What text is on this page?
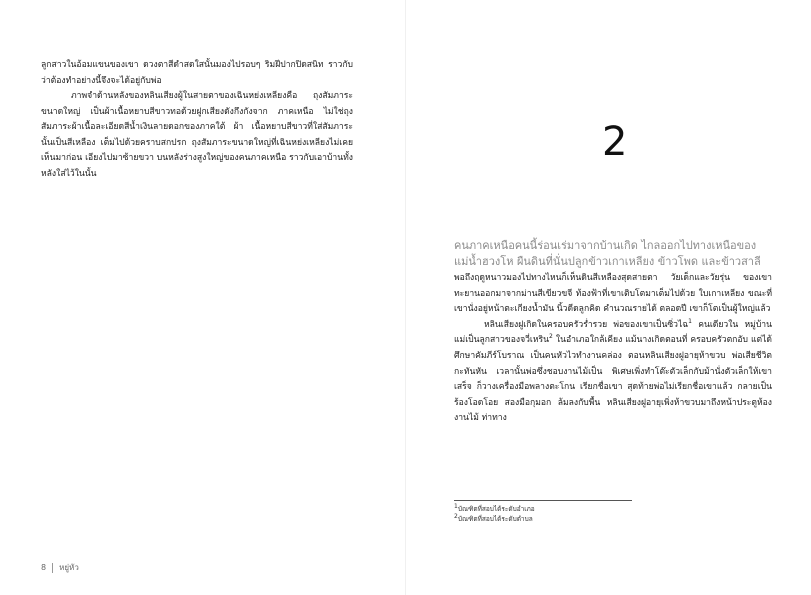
ลูกสาวในอ้อมแขนของเขา ดวงตาสีดำสดใสนั้นมองไปรอบๆ ริมฝีปากปิดสนิท ราวกับว่าต้องทำอย่างนี้จึงจะได้อยู่กับพ่อ

ภาพจำด้านหลังของหลินเสียงผู้ในสายตาของเฉินหย่งเหลียงคือ ถุงสัมภาระขนาดใหญ่ เป็นผ้าเนื้อหยาบสีขาวทอด้วยฝูกเสียงดังกึงกังจาก ภาคเหนือ ไม่ใช่ถุงสัมภาระผ้าเนื้อละเอียดสีน้ำเงินลายดอกของภาคใต้ ผ้า เนื้อหยาบสีขาวที่ใส่สัมภาระนั้นเป็นสีเหลือง เต็มไปด้วยคราบสกปรก ถุงสัมภาระขนาดใหญ่ที่เฉินหย่งเหลียงไม่เคยเห็นมาก่อน เอียงไปมาซ้ายขวา บนหลังร่างสูงใหญ่ของคนภาคเหนือ ราวกับเอาบ้านทั้งหลังใส่ไว้ในนั้น

2
คนภาคเหนือคนนี้ร่อนเร่มาจากบ้านเกิด ไกลออกไปทางเหนือของ แม่น้ำฮวงโห ผืนดินที่นั่นปลูกข้าวเกาเหลียง ข้าวโพด และข้าวสาลี

พอถึงฤดูหนาวมองไปทางไหนก็เห็นดินสีเหลืองสุดสายตา วัยเด็กและวัยรุ่น ของเขาทะยานออกมาจากม่านสีเขียวขจี ท้องฟ้าที่เขาเติบโตมาเต็มไปด้วย ใบเกาเหลียง ขณะที่เขานั่งอยู่หน้าตะเกียงน้ำมัน นิ้วดีดลูกคิด คำนวณรายได้ ตลอดปี เขาก็โตเป็นผู้ใหญ่แล้ว

หลินเสียงฝูเกิดในครอบครัวร่ำรวย พ่อของเขาเป็นซิ่วไฉ$^1$ คนเดียวใน หมู่บ้าน แม่เป็นลูกสาวของจวี่เหริน$^2$ ในอำเภอใกล้เคียง แม้นางเกิดตอนที่ ครอบครัวตกอับ แต่ได้ศึกษาคัมภีร์โบราณ เป็นคนหัวไวทำงานคล่อง ตอนหลินเสียงฝูอายุห้าขวบ พ่อเสียชีวิตกะทันหัน เวลานั้นพ่อซึ่งชอบงานไม้เป็น พิเศษเพิ่งทำโต๊ะตัวเล็กกับม้านั่งตัวเล็กให้เขาเสร็จ ก็วางเครื่องมือพลางตะโกน เรียกชื่อเขา สุดท้ายพ่อไม่เรียกชื่อเขาแล้ว กลายเป็นร้องโอดโอย สองมือกุมอก ล้มลงกับพื้น หลินเสียงฝูอายุเพิ่งห้าขวบมาถึงหน้าประตูห้องงานไม้ ท่าทาง

$^1$บัณฑิตที่สอบได้ระดับอำเภอ
$^2$บัณฑิตที่สอบได้ระดับตำบล
8 หยู่หัว
